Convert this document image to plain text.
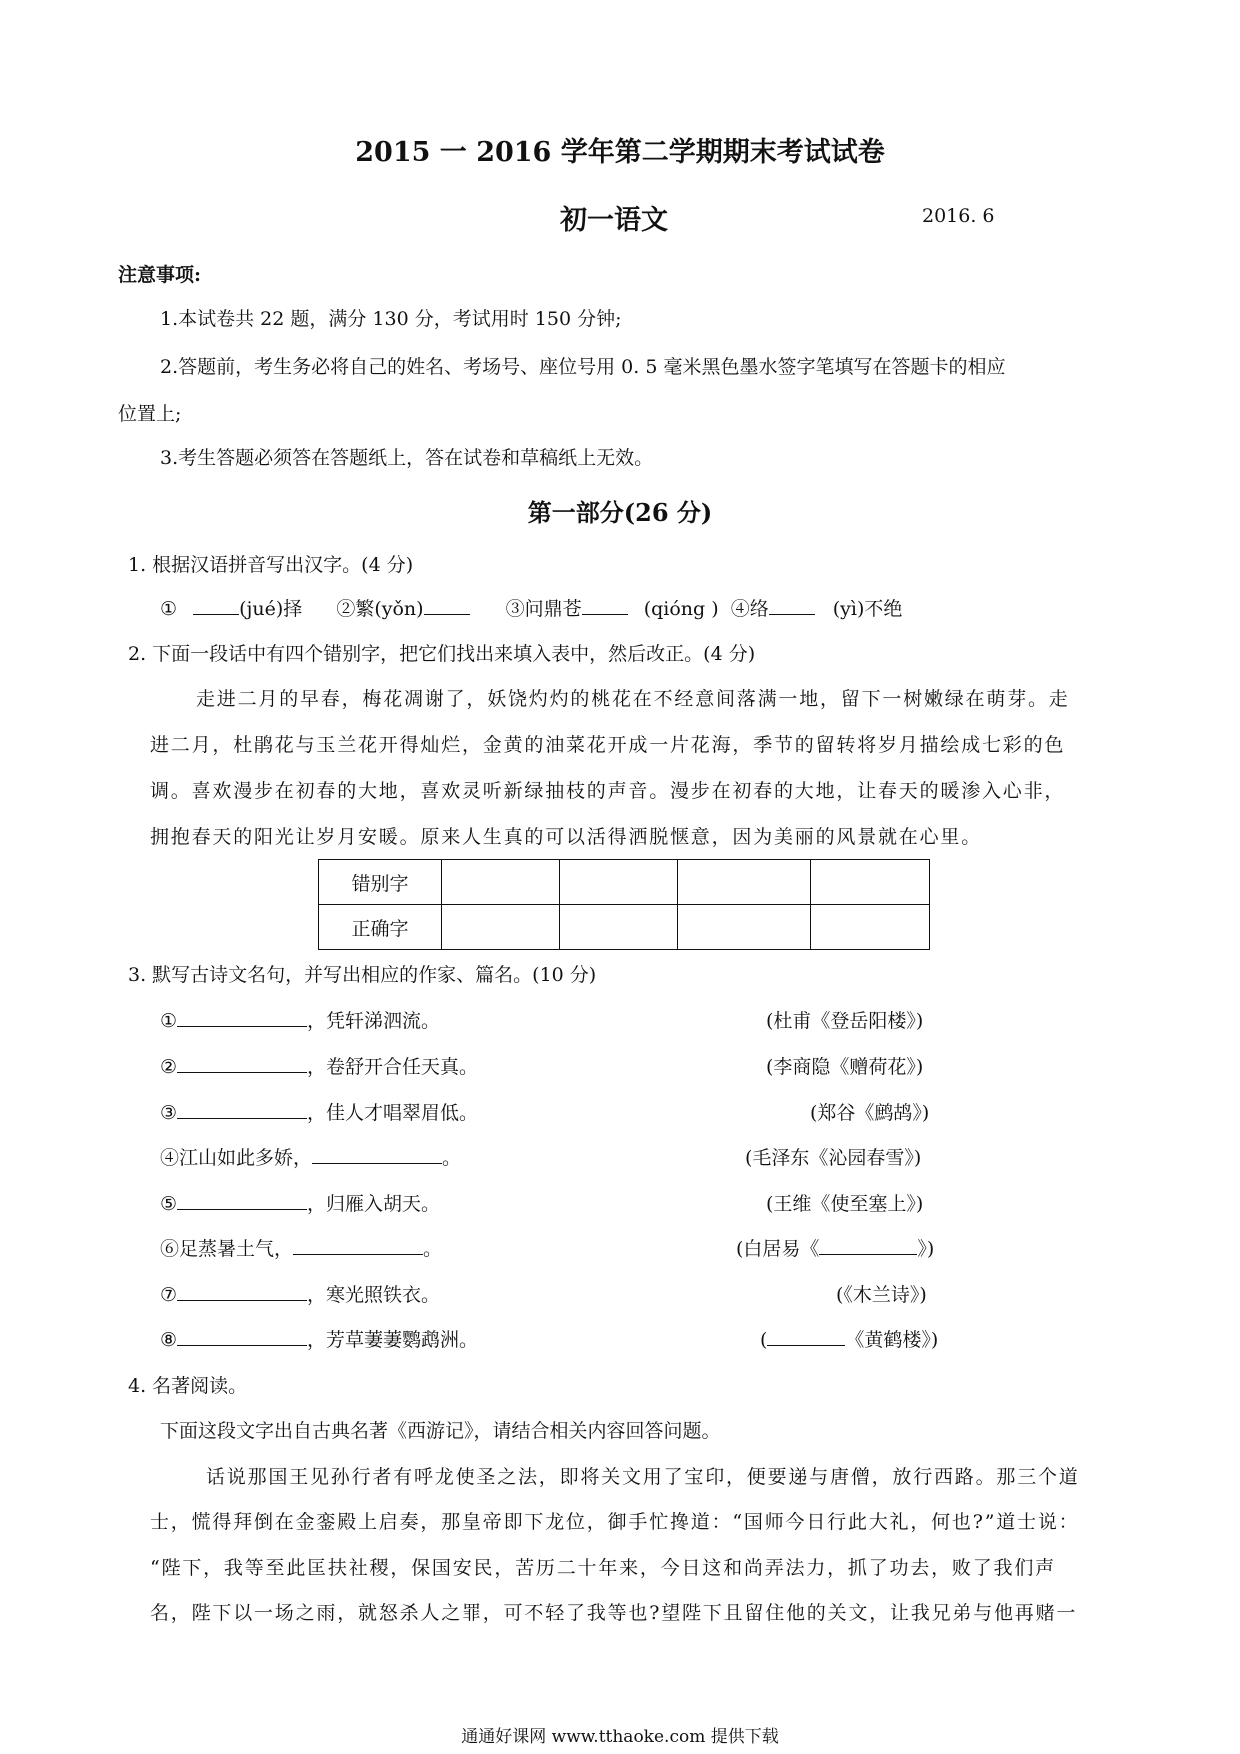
2015 一 2016 学年第二学期期末考试试卷
初一语文	2016. 6
注意事项:
1.本试卷共 22 题，满分 130 分，考试用时 150 分钟;
2.答题前，考生务必将自己的姓名、考场号、座位号用 0. 5 毫米黑色墨水签字笔填写在答题卡的相应
位置上;
3.考生答题必须答在答题纸上，答在试卷和草稿纸上无效。
第一部分(26 分)
1. 根据汉语拼音写出汉字。(4 分)
①	(jué)择 ②繁(yǒn)	③问鼎苍	(qióng ) ④络	(yì)不绝
2. 下面一段话中有四个错别字，把它们找出来填入表中，然后改正。(4 分)
走进二月的早春，梅花凋谢了，妖饶灼灼的桃花在不经意间落满一地，留下一树嫩绿在萌芽。走
进二月，杜鹃花与玉兰花开得灿烂，金黄的油菜花开成一片花海，季节的留转将岁月描绘成七彩的色
调。喜欢漫步在初春的大地，喜欢灵听新绿抽枝的声音。漫步在初春的大地，让春天的暖渗入心非，
拥抱春天的阳光让岁月安暖。原来人生真的可以活得洒脱惬意，因为美丽的风景就在心里。
错别字				
正确字				
3. 默写古诗文名句，并写出相应的作家、篇名。(10 分)
①	，凭轩涕泗流。	(杜甫《登岳阳楼》)
②	，卷舒开合任天真。	(李商隐《赠荷花》)
③	，佳人才唱翠眉低。	(郑谷《鹧鸪》)
④江山如此多娇，	。	(毛泽东《沁园春雪》)
⑤	，归雁入胡天。	(王维《使至塞上》)
⑥足蒸暑土气，	。	(白居易《	》)
⑦	，寒光照铁衣。	(《木兰诗》)
⑧	，芳草萋萋鹦鹉洲。	(	《黄鹤楼》)
4. 名著阅读。
下面这段文字出自古典名著《西游记》，请结合相关内容回答问题。
话说那国王见孙行者有呼龙使圣之法，即将关文用了宝印，便要递与唐僧，放行西路。那三个道
士，慌得拜倒在金銮殿上启奏，那皇帝即下龙位，御手忙搀道：“国师今日行此大礼，何也?”道士说：
“陛下，我等至此匡扶社稷，保国安民，苦历二十年来，今日这和尚弄法力，抓了功去，败了我们声
名，陛下以一场之雨，就怒杀人之罪，可不轻了我等也?望陛下且留住他的关文，让我兄弟与他再赌一
通通好课网 www.tthaoke.com 提供下载
